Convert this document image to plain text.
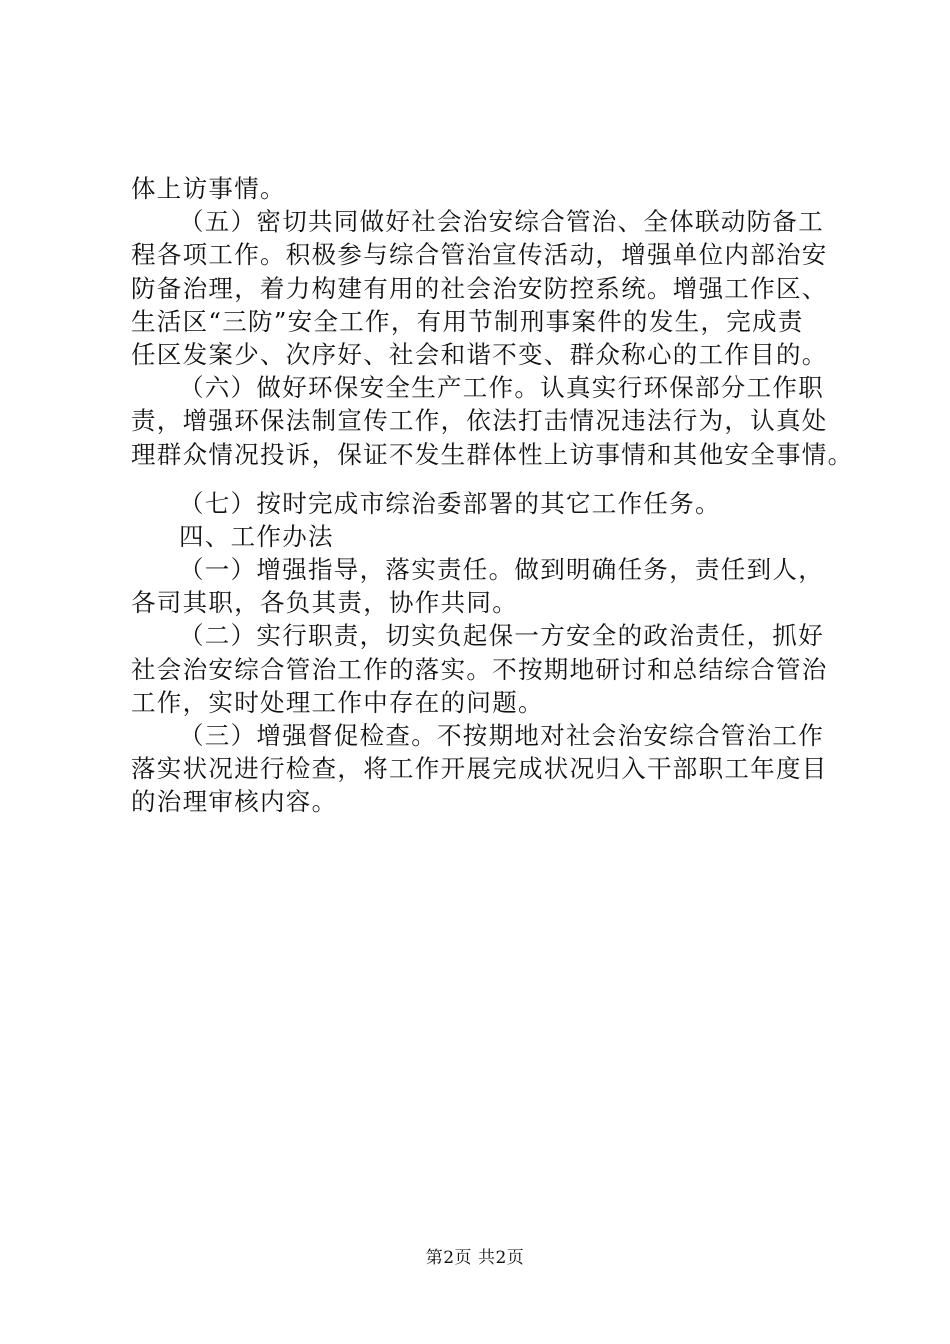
体上访事情。
（五）密切共同做好社会治安综合管治、全体联动防备工
程各项工作。积极参与综合管治宣传活动，增强单位内部治安
防备治理，着力构建有用的社会治安防控系统。增强工作区、
生活区“三防”安全工作，有用节制刑事案件的发生，完成责
任区发案少、次序好、社会和谐不变、群众称心的工作目的。
（六）做好环保安全生产工作。认真实行环保部分工作职
责，增强环保法制宣传工作，依法打击情况违法行为，认真处
理群众情况投诉，保证不发生群体性上访事情和其他安全事情。
（七）按时完成市综治委部署的其它工作任务。
四、工作办法
（一）增强指导，落实责任。做到明确任务，责任到人，
各司其职，各负其责，协作共同。
（二）实行职责，切实负起保一方安全的政治责任，抓好
社会治安综合管治工作的落实。不按期地研讨和总结综合管治
工作，实时处理工作中存在的问题。
（三）增强督促检查。不按期地对社会治安综合管治工作
落实状况进行检查，将工作开展完成状况归入干部职工年度目
的治理审核内容。
第2页 共2页
